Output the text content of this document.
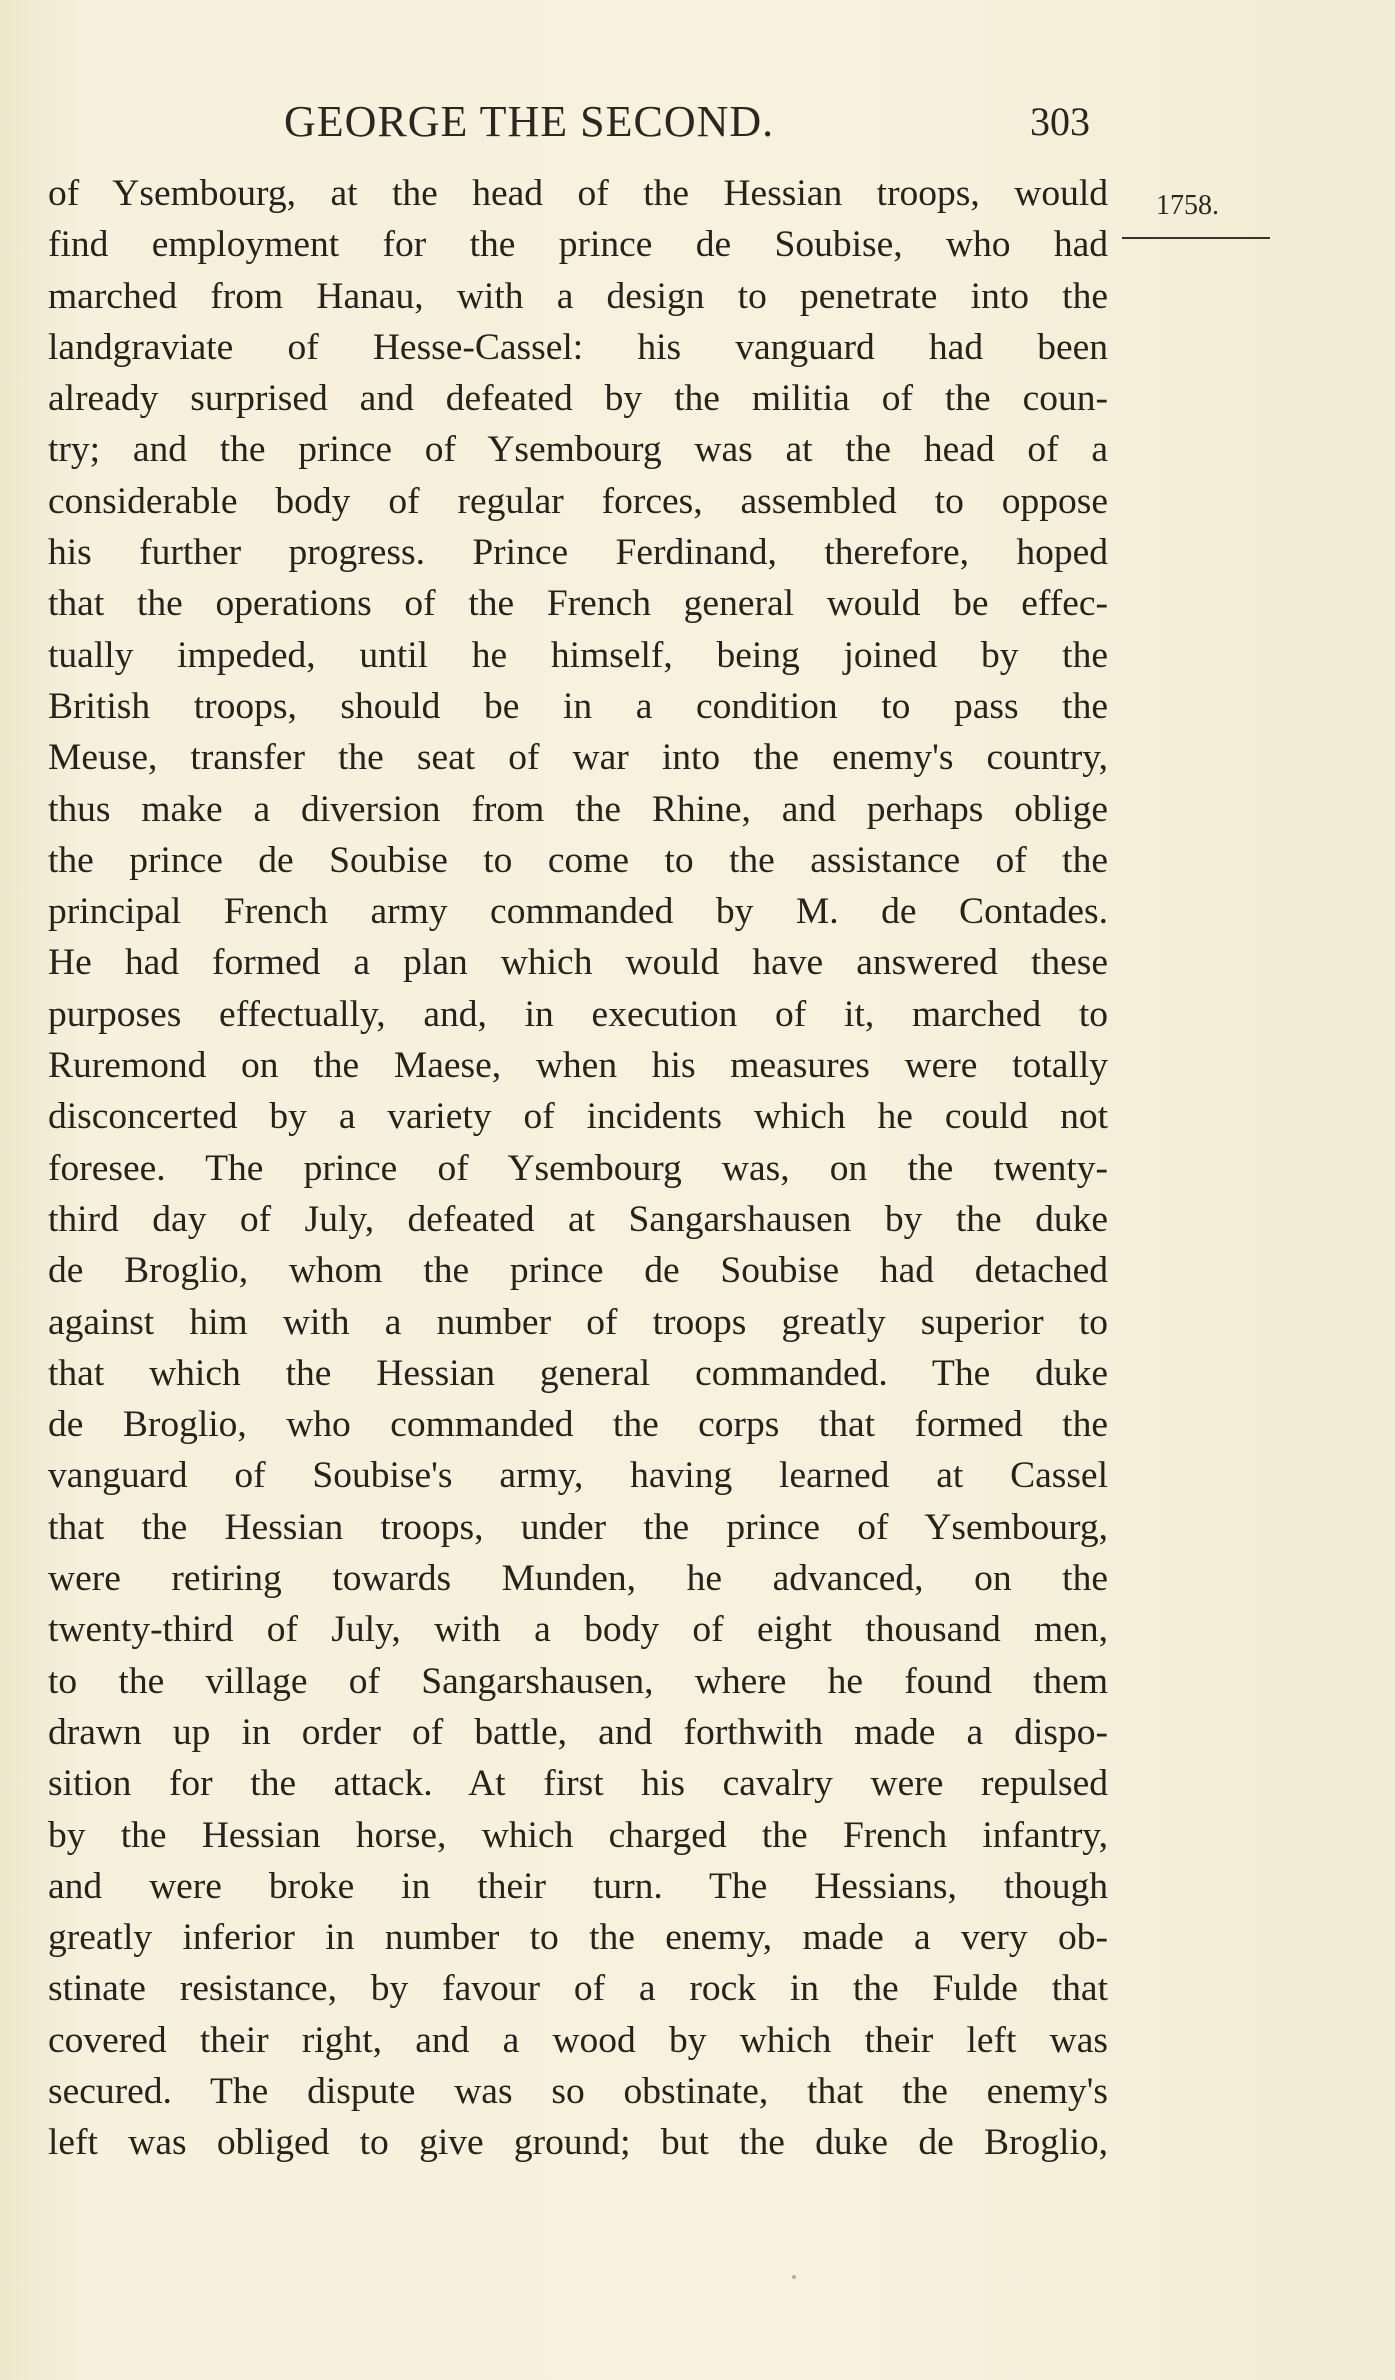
GEORGE THE SECOND.	303
1758.
of Ysembourg, at the head of the Hessian troops, would
find employment for the prince de Soubise, who had
marched from Hanau, with a design to penetrate into the
landgraviate of Hesse-Cassel: his vanguard had been
already surprised and defeated by the militia of the coun-
try; and the prince of Ysembourg was at the head of a
considerable body of regular forces, assembled to oppose
his further progress. Prince Ferdinand, therefore, hoped
that the operations of the French general would be effec-
tually impeded, until he himself, being joined by the
British troops, should be in a condition to pass the
Meuse, transfer the seat of war into the enemy's country,
thus make a diversion from the Rhine, and perhaps oblige
the prince de Soubise to come to the assistance of the
principal French army commanded by M. de Contades.
He had formed a plan which would have answered these
purposes effectually, and, in execution of it, marched to
Ruremond on the Maese, when his measures were totally
disconcerted by a variety of incidents which he could not
foresee. The prince of Ysembourg was, on the twenty-
third day of July, defeated at Sangarshausen by the duke
de Broglio, whom the prince de Soubise had detached
against him with a number of troops greatly superior to
that which the Hessian general commanded. The duke
de Broglio, who commanded the corps that formed the
vanguard of Soubise's army, having learned at Cassel
that the Hessian troops, under the prince of Ysembourg,
were retiring towards Munden, he advanced, on the
twenty-third of July, with a body of eight thousand men,
to the village of Sangarshausen, where he found them
drawn up in order of battle, and forthwith made a dispo-
sition for the attack. At first his cavalry were repulsed
by the Hessian horse, which charged the French infantry,
and were broke in their turn. The Hessians, though
greatly inferior in number to the enemy, made a very ob-
stinate resistance, by favour of a rock in the Fulde that
covered their right, and a wood by which their left was
secured. The dispute was so obstinate, that the enemy's
left was obliged to give ground; but the duke de Broglio,
